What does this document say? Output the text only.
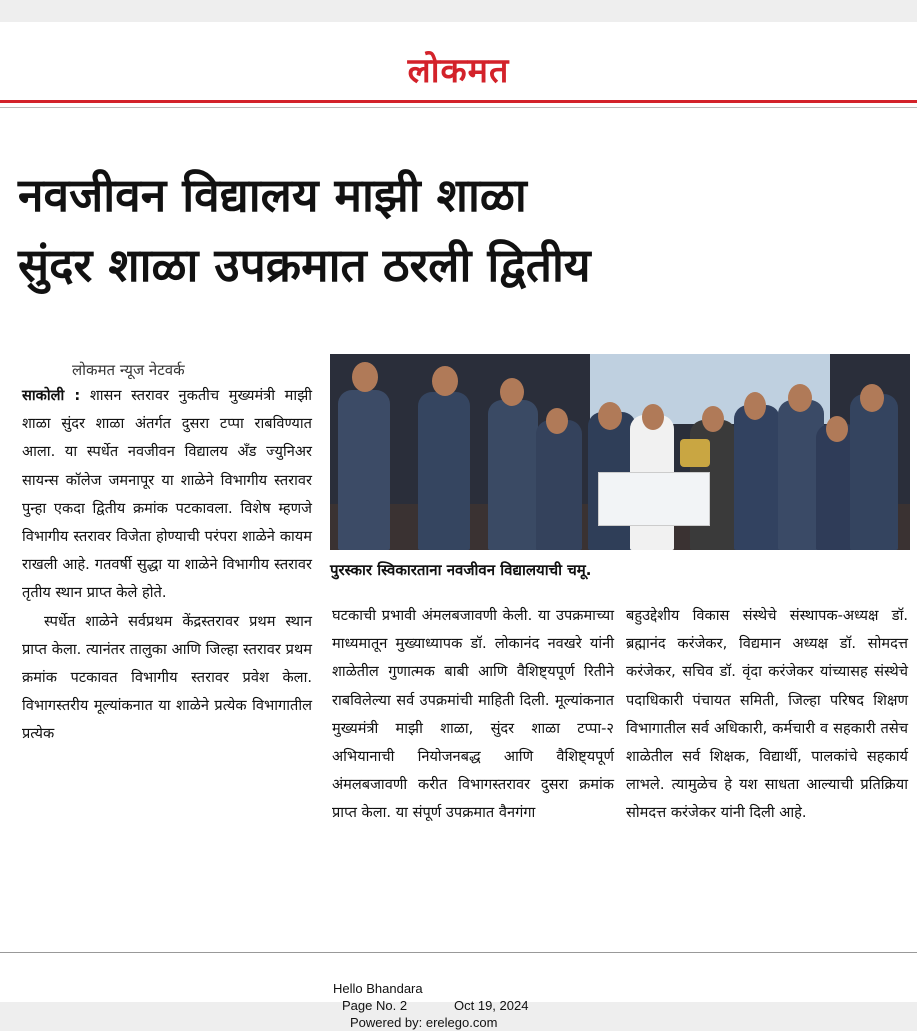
लोकमत
नवजीवन विद्यालय माझी शाळा
सुंदर शाळा उपक्रमात ठरली द्वितीय
लोकमत न्यूज नेटवर्क

साकोली : शासन स्तरावर नुकतीच मुख्यमंत्री माझी शाळा सुंदर शाळा अंतर्गत दुसरा टप्पा राबविण्यात आला. या स्पर्धेत नवजीवन विद्यालय अँड ज्युनिअर सायन्स कॉलेज जमनापूर या शाळेने विभागीय स्तरावर पुन्हा एकदा द्वितीय क्रमांक पटकावला. विशेष म्हणजे विभागीय स्तरावर विजेता होण्याची परंपरा शाळेने कायम राखली आहे. गतवर्षी सुद्धा या शाळेने विभागीय स्तरावर तृतीय स्थान प्राप्त केले होते.

स्पर्धेत शाळेने सर्वप्रथम केंद्रस्तरावर प्रथम स्थान प्राप्त केला. त्यानंतर तालुका आणि जिल्हा स्तरावर प्रथम क्रमांक पटकावत विभागीय स्तरावर प्रवेश केला. विभागस्तरीय मूल्यांकनात या शाळेने प्रत्येक विभागातील प्रत्येक

पुरस्कार स्विकारताना नवजीवन विद्यालयाची चमू.
घटकाची प्रभावी अंमलबजावणी केली. या उपक्रमाच्या माध्यमातून मुख्याध्यापक डॉ. लोकानंद नवखरे यांनी शाळेतील गुणात्मक बाबी आणि वैशिष्ट्यपूर्ण रितीने राबविलेल्या सर्व उपक्रमांची माहिती दिली. मूल्यांकनात मुख्यमंत्री माझी शाळा, सुंदर शाळा टप्पा-२ अभियानाची नियोजनबद्ध आणि वैशिष्ट्यपूर्ण अंमलबजावणी करीत विभागस्तरावर दुसरा क्रमांक प्राप्त केला. या संपूर्ण उपक्रमात वैनगंगा
बहुउद्देशीय विकास संस्थेचे संस्थापक-अध्यक्ष डॉ. ब्रह्मानंद करंजेकर, विद्यमान अध्यक्ष डॉ. सोमदत्त करंजेकर, सचिव डॉ. वृंदा करंजेकर यांच्यासह संस्थेचे पदाधिकारी पंचायत समिती, जिल्हा परिषद शिक्षण विभागातील सर्व अधिकारी, कर्मचारी व सहकारी तसेच शाळेतील सर्व शिक्षक, विद्यार्थी, पालकांचे सहकार्य लाभले. त्यामुळेच हे यश साधता आल्याची प्रतिक्रिया सोमदत्त करंजेकर यांनी दिली आहे.
Hello Bhandara
Page No. 2	Oct 19, 2024
Powered by: erelego.com
